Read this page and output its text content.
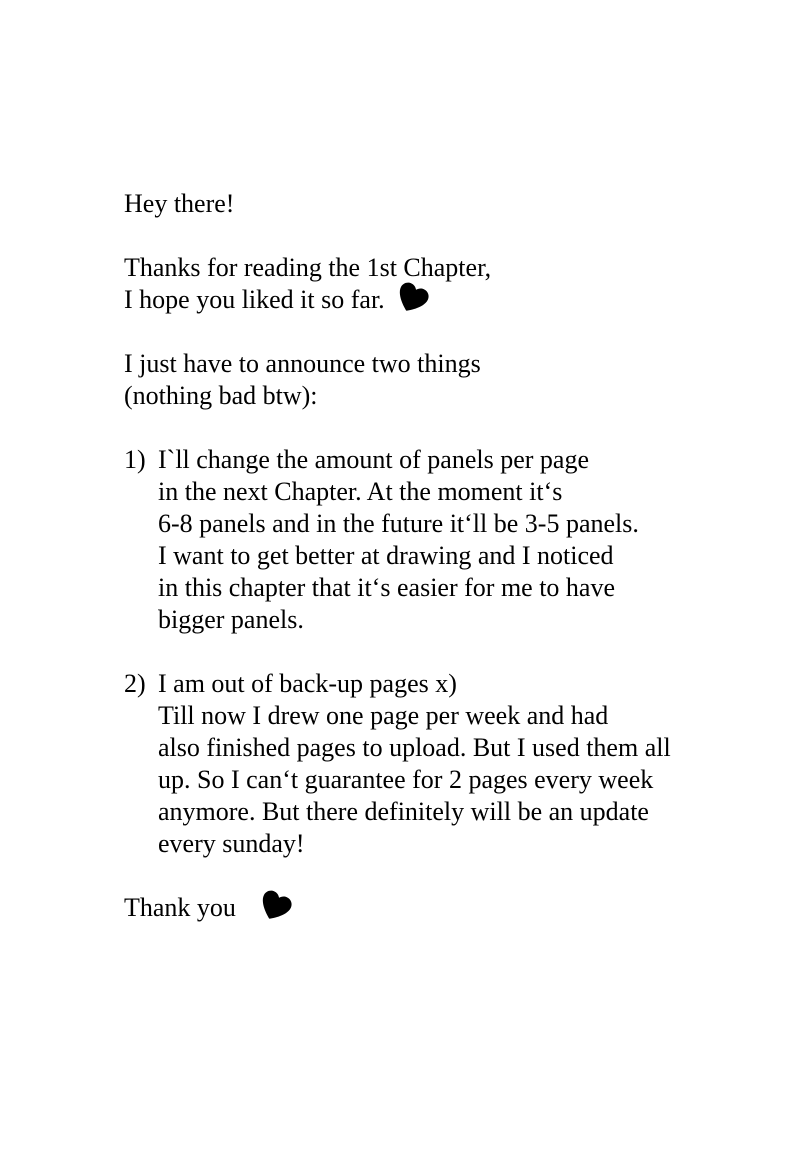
Hey there!

Thanks for reading the 1st Chapter,
I hope you liked it so far.

I just have to announce two things
(nothing bad btw):

1) I`ll change the amount of panels per page
in the next Chapter. At the moment it‘s
6-8 panels and in the future it‘ll be 3-5 panels.
I want to get better at drawing and I noticed
in this chapter that it‘s easier for me to have
bigger panels.
2) I am out of back-up pages x)
Till now I drew one page per week and had
also finished pages to upload. But I used them all
up. So I can‘t guarantee for 2 pages every week
anymore. But there definitely will be an update
every sunday!

Thank you
